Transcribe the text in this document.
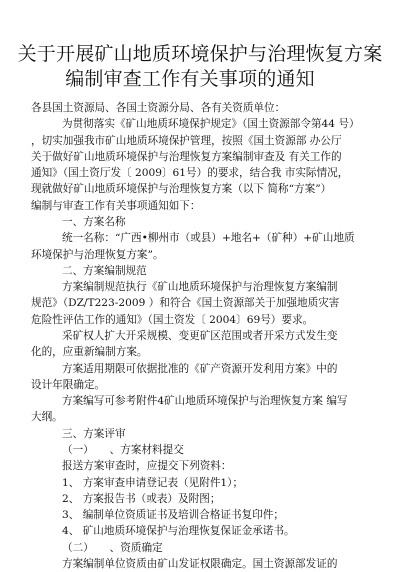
关于开展矿山地质环境保护与治理恢复方案
编制审查工作有关事项的通知
各县国土资源局、各国土资源分局、各有关资质单位：
为贯彻落实《矿山地质环境保护规定》（国土资源部令第44 号）
，切实加强我市矿山地质环境保护管理，按照《国土资源部 办公厅
关于做好矿山地质环境保护与治理恢复方案编制审查及 有关工作的
通知》（国土资厅发〔 2009〕61号）的要求，结合我 市实际情况，
现就做好矿山地质环境保护与治理恢复方案（以下 简称“方案”）
编制与审查工作有关事项通知如下：
一、方案名称
统一名称：“广西•柳州市（或县）+地名+（矿种）+矿山地质
环境保护与治理恢复方案”。
二、方案编制规范
方案编制规范执行《矿山地质环境保护与治理恢复方案编制
规范》（DZ/T223-2009 ）和符合《国土资源部关于加强地质灾害
危险性评估工作的通知》（国土资发〔 2004〕69号）要求。
采矿权人扩大开采规模、变更矿区范围或者开采方式发生变
化的，应重新编制方案。
方案适用期限可依据批准的《矿产资源开发利用方案》中的
设计年限确定。
方案编写可参考附件4矿山地质环境保护与治理恢复方案 编写
大纲。
三、方案评审
（一）　　、方案材料提交
报送方案审查时，应提交下列资料：
1、 方案审查申请登记表（见附件1）；
2、 方案报告书（或表）及附图；
3、 编制单位资质证书及培训合格证书复印件；
4、 矿山地质环境保护与治理恢复保证金承诺书。
（二）　　、资质确定
方案编制单位资质由矿山发证权限确定。国土资源部发证的
